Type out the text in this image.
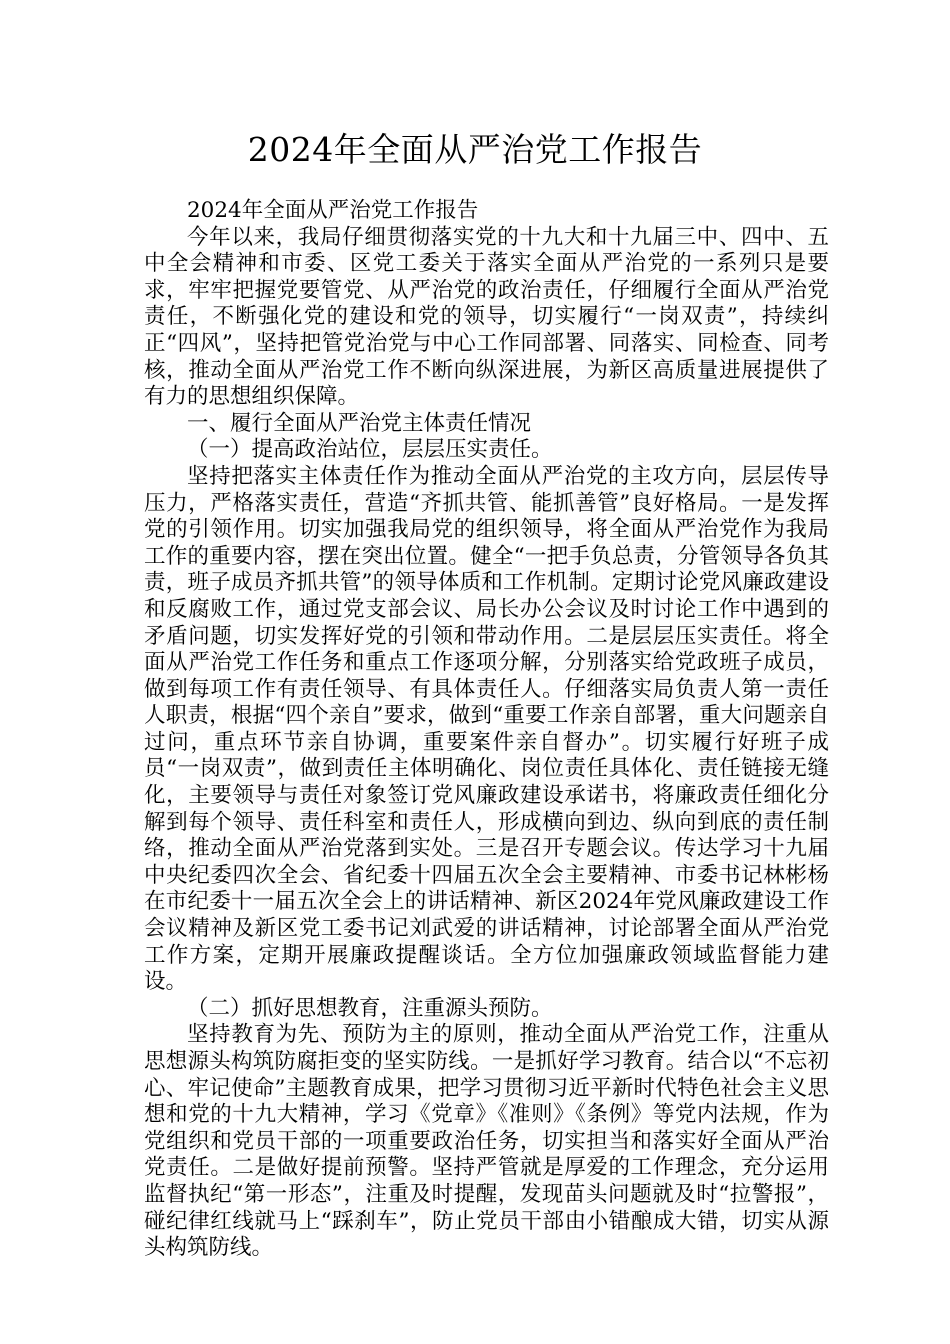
2024年全面从严治党工作报告

2024年全面从严治党工作报告

今年以来，我局仔细贯彻落实党的十九大和十九届三中、四中、五中全会精神和市委、区党工委关于落实全面从严治党的一系列只是要求，牢牢把握党要管党、从严治党的政治责任，仔细履行全面从严治党责任，不断强化党的建设和党的领导，切实履行“一岗双责”，持续纠正“四风”，坚持把管党治党与中心工作同部署、同落实、同检查、同考核，推动全面从严治党工作不断向纵深进展，为新区高质量进展提供了有力的思想组织保障。

一、履行全面从严治党主体责任情况

（一）提高政治站位，层层压实责任。

坚持把落实主体责任作为推动全面从严治党的主攻方向，层层传导压力，严格落实责任，营造“齐抓共管、能抓善管”良好格局。一是发挥党的引领作用。切实加强我局党的组织领导，将全面从严治党作为我局工作的重要内容，摆在突出位置。健全“一把手负总责，分管领导各负其责，班子成员齐抓共管”的领导体质和工作机制。定期讨论党风廉政建设和反腐败工作，通过党支部会议、局长办公会议及时讨论工作中遇到的矛盾问题，切实发挥好党的引领和带动作用。二是层层压实责任。将全面从严治党工作任务和重点工作逐项分解，分别落实给党政班子成员，做到每项工作有责任领导、有具体责任人。仔细落实局负责人第一责任人职责，根据“四个亲自”要求，做到“重要工作亲自部署，重大问题亲自过问，重点环节亲自协调，重要案件亲自督办”。切实履行好班子成员“一岗双责”，做到责任主体明确化、岗位责任具体化、责任链接无缝化，主要领导与责任对象签订党风廉政建设承诺书，将廉政责任细化分解到每个领导、责任科室和责任人，形成横向到边、纵向到底的责任制络，推动全面从严治党落到实处。三是召开专题会议。传达学习十九届中央纪委四次全会、省纪委十四届五次全会主要精神、市委书记林彬杨在市纪委十一届五次全会上的讲话精神、新区2024年党风廉政建设工作会议精神及新区党工委书记刘武爱的讲话精神，讨论部署全面从严治党工作方案，定期开展廉政提醒谈话。全方位加强廉政领域监督能力建设。

（二）抓好思想教育，注重源头预防。

坚持教育为先、预防为主的原则，推动全面从严治党工作，注重从思想源头构筑防腐拒变的坚实防线。一是抓好学习教育。结合以“不忘初心、牢记使命”主题教育成果，把学习贯彻习近平新时代特色社会主义思想和党的十九大精神，学习《党章》《准则》《条例》等党内法规，作为党组织和党员干部的一项重要政治任务，切实担当和落实好全面从严治党责任。二是做好提前预警。坚持严管就是厚爱的工作理念，充分运用监督执纪“第一形态”，注重及时提醒，发现苗头问题就及时“拉警报”，碰纪律红线就马上“踩刹车”，防止党员干部由小错酿成大错，切实从源头构筑防线。
